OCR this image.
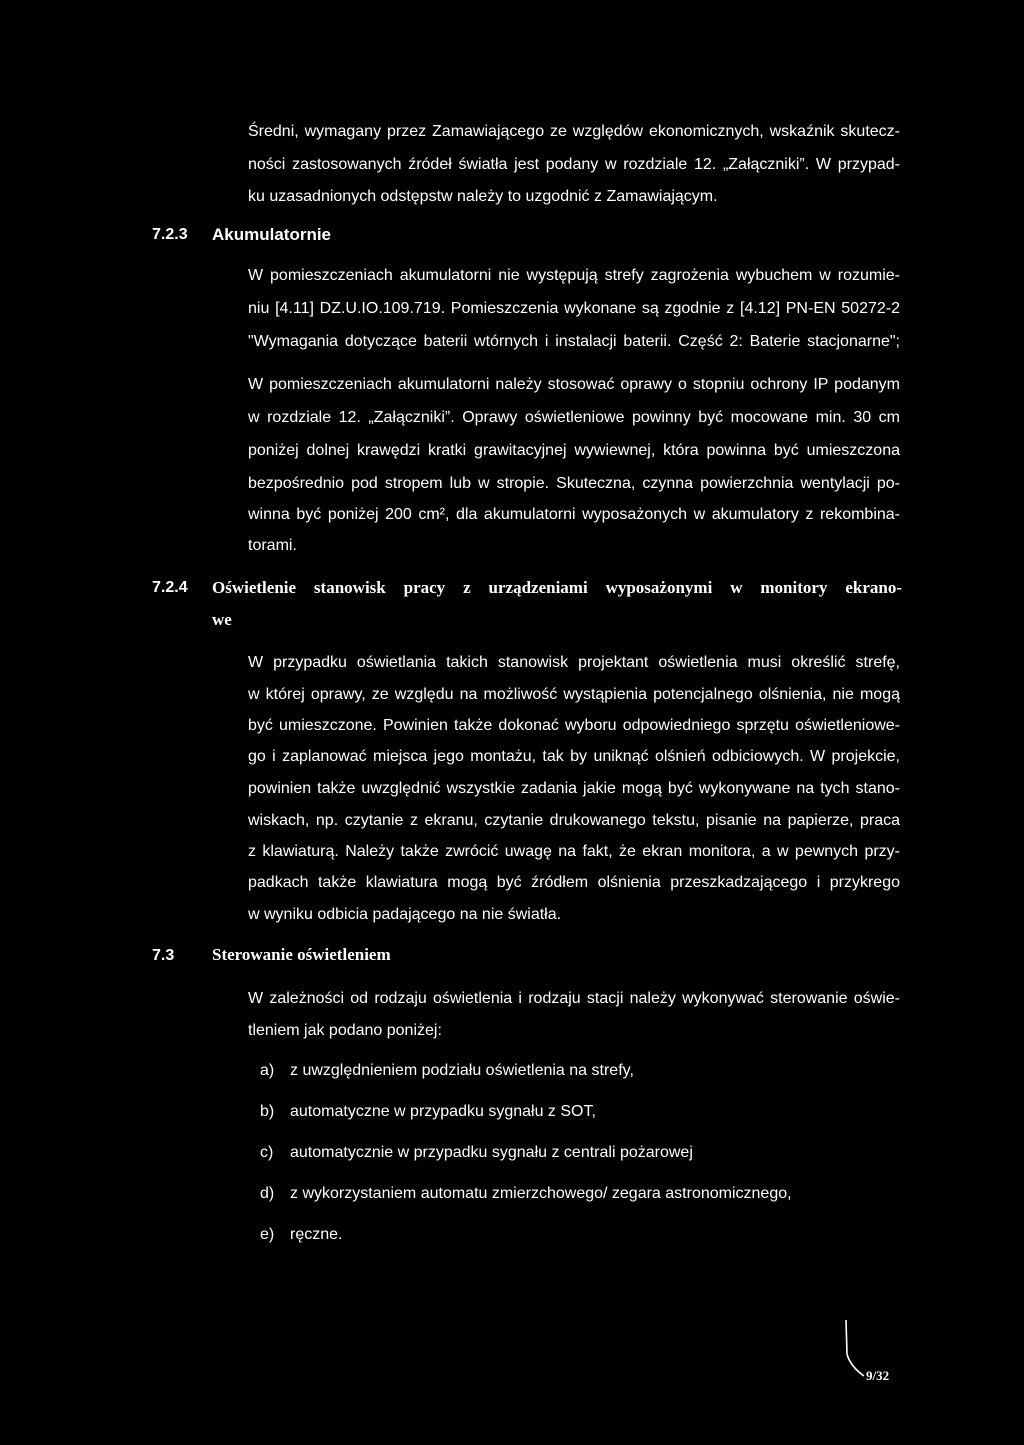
Średni, wymagany przez Zamawiającego ze względów ekonomicznych, wskaźnik skutecz-
ności zastosowanych źródeł światła jest podany w rozdziale 12. „Załączniki”. W przypad-
ku uzasadnionych odstępstw należy to uzgodnić z Zamawiającym.
7.2.3 Akumulatornie
W pomieszczeniach akumulatorni nie występują strefy zagrożenia wybuchem w rozumie-
niu [4.11] DZ.U.IO.109.719. Pomieszczenia wykonane są zgodnie z [4.12] PN-EN 50272-2
"Wymagania dotyczące baterii wtórnych i instalacji baterii. Część 2: Baterie stacjonarne";
W pomieszczeniach akumulatorni należy stosować oprawy o stopniu ochrony IP podanym
w rozdziale 12. „Załączniki”. Oprawy oświetleniowe powinny być mocowane min. 30 cm
poniżej dolnej krawędzi kratki grawitacyjnej wywiewnej, która powinna być umieszczona
bezpośrednio pod stropem lub w stropie. Skuteczna, czynna powierzchnia wentylacji po-
winna być poniżej 200 cm², dla akumulatorni wyposażonych w akumulatory z rekombina-
torami.
7.2.4 Oświetlenie stanowisk pracy z urządzeniami wyposażonymi w monitory ekrano-
we
W przypadku oświetlania takich stanowisk projektant oświetlenia musi określić strefę,
w której oprawy, ze względu na możliwość wystąpienia potencjalnego olśnienia, nie mogą
być umieszczone. Powinien także dokonać wyboru odpowiedniego sprzętu oświetleniowe-
go i zaplanować miejsca jego montażu, tak by uniknąć olśnień odbiciowych. W projekcie,
powinien także uwzględnić wszystkie zadania jakie mogą być wykonywane na tych stano-
wiskach, np. czytanie z ekranu, czytanie drukowanego tekstu, pisanie na papierze, praca
z klawiaturą. Należy także zwrócić uwagę na fakt, że ekran monitora, a w pewnych przy-
padkach także klawiatura mogą być źródłem olśnienia przeszkadzającego i przykrego
w wyniku odbicia padającego na nie światła.
7.3 Sterowanie oświetleniem
W zależności od rodzaju oświetlenia i rodzaju stacji należy wykonywać sterowanie oświe-
tleniem jak podano poniżej:
a) z uwzględnieniem podziału oświetlenia na strefy,
b) automatyczne w przypadku sygnału z SOT,
c) automatycznie w przypadku sygnału z centrali pożarowej
d) z wykorzystaniem automatu zmierzchowego/ zegara astronomicznego,
e) ręczne.
9/32
